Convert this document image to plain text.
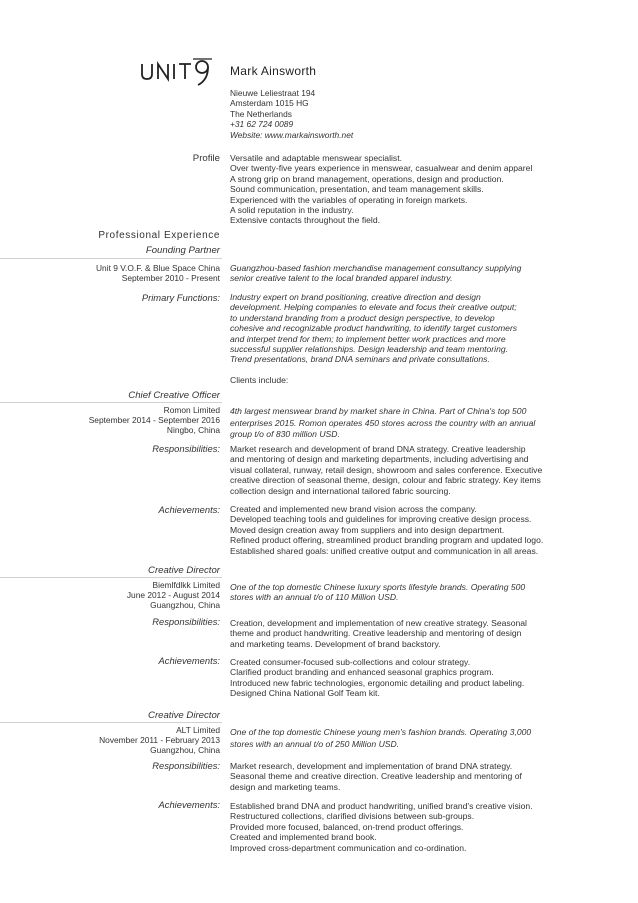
Mark Ainsworth
Nieuwe Leliestraat 194
Amsterdam 1015 HG
The Netherlands
+31 62 724 0089
Website: www.markainsworth.net
Profile Versatile and adaptable menswear specialist.
Over twenty-five years experience in menswear, casualwear and denim apparel
A strong grip on brand management, operations, design and production.
Sound communication, presentation, and team management skills.
Experienced with the variables of operating in foreign markets.
A solid reputation in the industry.
Extensive contacts throughout the field.
Professional Experience
Founding Partner
Unit 9 V.O.F. & Blue Space China
September 2010 - Present
Guangzhou-based fashion merchandise management consultancy supplying
senior creative talent to the local branded apparel industry.
Primary Functions: Industry expert on brand positioning, creative direction and design
development. Helping companies to elevate and focus their creative output;
to understand branding from a product design perspective, to develop
cohesive and recognizable product handwriting, to identify target customers
and interpet trend for them; to implement better work practices and more
successful supplier relationships. Design leadership and team mentoring.
Trend presentations, brand DNA seminars and private consultations.
Clients include:
Chief Creative Officer
Romon Limited
September 2014 - September 2016
Ningbo, China
4th largest menswear brand by market share in China. Part of China's top 500
enterprises 2015. Romon operates 450 stores across the country with an annual
group t/o of 830 million USD.
Responsibilities: Market research and development of brand DNA strategy. Creative leadership
and mentoring of design and marketing departments, including advertising and
visual collateral, runway, retail design, showroom and sales conference. Executive
creative direction of seasonal theme, design, colour and fabric strategy. Key items
collection design and international tailored fabric sourcing.
Achievements: Created and implemented new brand vision across the company.
Developed teaching tools and guidelines for improving creative design process.
Moved design creation away from suppliers and into design department.
Refined product offering, streamlined product branding program and updated logo.
Established shared goals: unified creative output and communication in all areas.
Creative Director
Biemlfdlkk Limited
June 2012 - August 2014
Guangzhou, China
One of the top domestic Chinese luxury sports lifestyle brands. Operating 500
stores with an annual t/o of 110 Million USD.
Responsibilities: Creation, development and implementation of new creative strategy. Seasonal
theme and product handwriting. Creative leadership and mentoring of design
and marketing teams. Development of brand backstory.
Achievements: Created consumer-focused sub-collections and colour strategy.
Clarified product branding and enhanced seasonal graphics program.
Introduced new fabric technologies, ergonomic detailing and product labeling.
Designed China National Golf Team kit.
Creative Director
ALT Limited
November 2011 - February 2013
Guangzhou, China
One of the top domestic Chinese young men's fashion brands. Operating 3,000
stores with an annual t/o of 250 Million USD.
Responsibilities: Market research, development and implementation of brand DNA strategy.
Seasonal theme and creative direction. Creative leadership and mentoring of
design and marketing teams.
Achievements: Established brand DNA and product handwriting, unified brand's creative vision.
Restructured collections, clarified divisions between sub-groups.
Provided more focused, balanced, on-trend product offerings.
Created and implemented brand book.
Improved cross-department communication and co-ordination.
